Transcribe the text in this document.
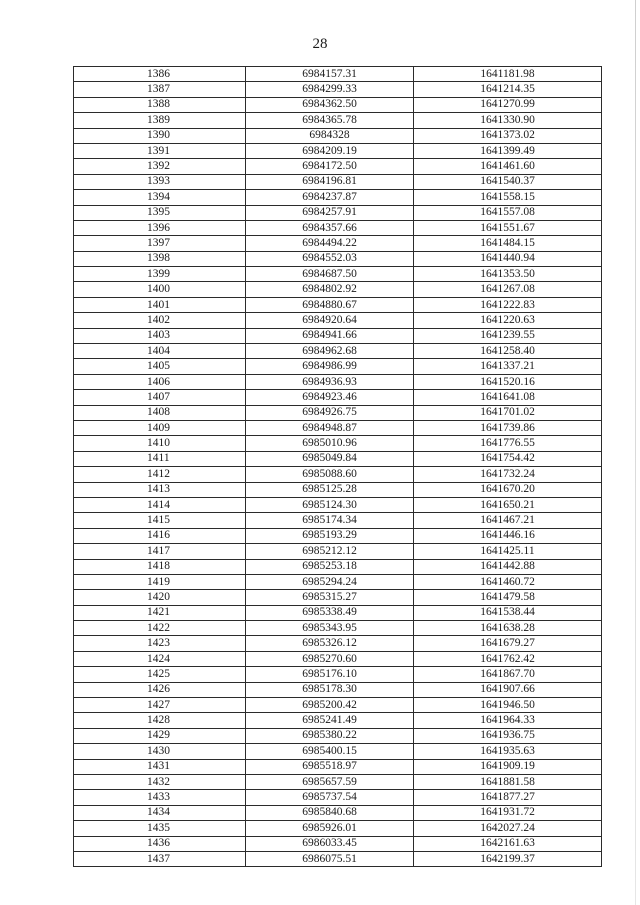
28
1386	6984157.31	1641181.98
1387	6984299.33	1641214.35
1388	6984362.50	1641270.99
1389	6984365.78	1641330.90
1390	6984328	1641373.02
1391	6984209.19	1641399.49
1392	6984172.50	1641461.60
1393	6984196.81	1641540.37
1394	6984237.87	1641558.15
1395	6984257.91	1641557.08
1396	6984357.66	1641551.67
1397	6984494.22	1641484.15
1398	6984552.03	1641440.94
1399	6984687.50	1641353.50
1400	6984802.92	1641267.08
1401	6984880.67	1641222.83
1402	6984920.64	1641220.63
1403	6984941.66	1641239.55
1404	6984962.68	1641258.40
1405	6984986.99	1641337.21
1406	6984936.93	1641520.16
1407	6984923.46	1641641.08
1408	6984926.75	1641701.02
1409	6984948.87	1641739.86
1410	6985010.96	1641776.55
1411	6985049.84	1641754.42
1412	6985088.60	1641732.24
1413	6985125.28	1641670.20
1414	6985124.30	1641650.21
1415	6985174.34	1641467.21
1416	6985193.29	1641446.16
1417	6985212.12	1641425.11
1418	6985253.18	1641442.88
1419	6985294.24	1641460.72
1420	6985315.27	1641479.58
1421	6985338.49	1641538.44
1422	6985343.95	1641638.28
1423	6985326.12	1641679.27
1424	6985270.60	1641762.42
1425	6985176.10	1641867.70
1426	6985178.30	1641907.66
1427	6985200.42	1641946.50
1428	6985241.49	1641964.33
1429	6985380.22	1641936.75
1430	6985400.15	1641935.63
1431	6985518.97	1641909.19
1432	6985657.59	1641881.58
1433	6985737.54	1641877.27
1434	6985840.68	1641931.72
1435	6985926.01	1642027.24
1436	6986033.45	1642161.63
1437	6986075.51	1642199.37
